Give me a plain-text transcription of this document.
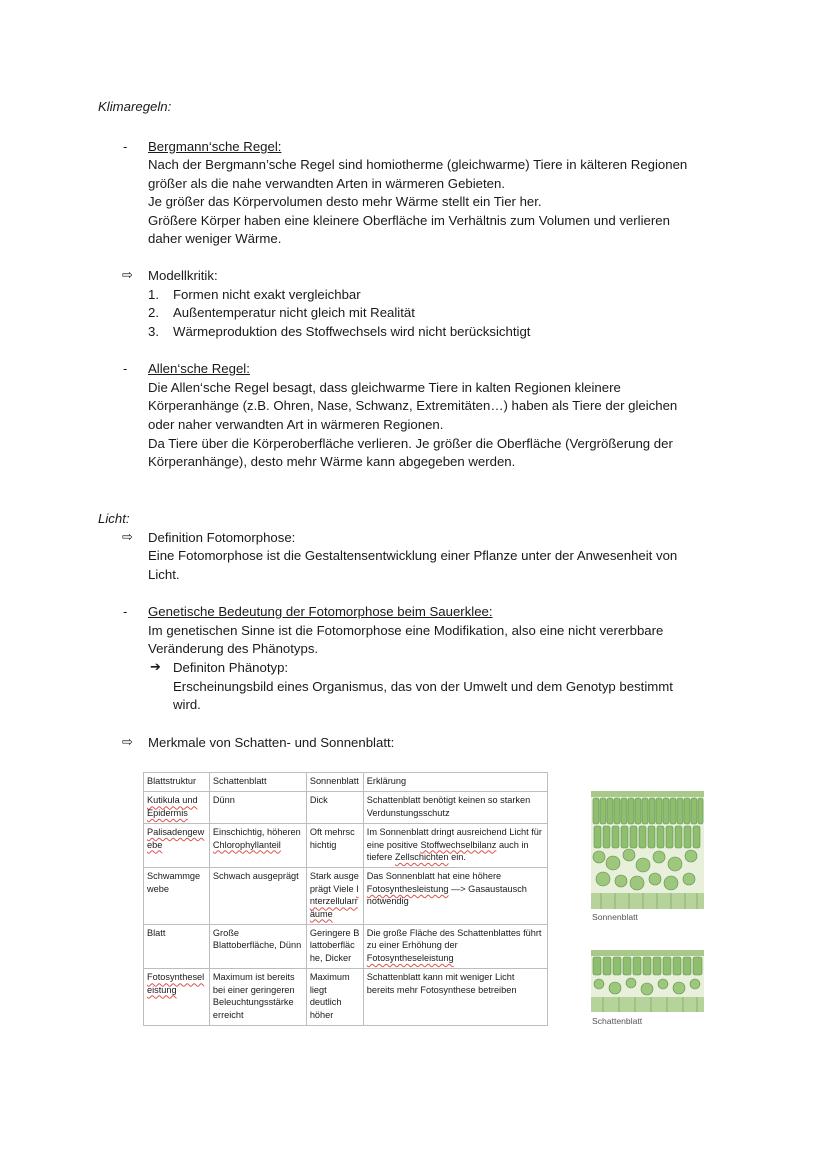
Klimaregeln:
- Bergmann‘sche Regel:
Nach der Bergmann’sche Regel sind homiotherme (gleichwarme) Tiere in kälteren Regionen
größer als die nahe verwandten Arten in wärmeren Gebieten.
Je größer das Körpervolumen desto mehr Wärme stellt ein Tier her.
Größere Körper haben eine kleinere Oberfläche im Verhältnis zum Volumen und verlieren
daher weniger Wärme.
⇨ Modellkritik:
1. Formen nicht exakt vergleichbar
2. Außentemperatur nicht gleich mit Realität
3. Wärmeproduktion des Stoffwechsels wird nicht berücksichtigt
- Allen‘sche Regel:
Die Allen‘sche Regel besagt, dass gleichwarme Tiere in kalten Regionen kleinere
Körperanhänge (z.B. Ohren, Nase, Schwanz, Extremitäten…) haben als Tiere der gleichen
oder naher verwandten Art in wärmeren Regionen.
Da Tiere über die Körperoberfläche verlieren. Je größer die Oberfläche (Vergrößerung der
Körperanhänge), desto mehr Wärme kann abgegeben werden.
Licht:
⇨ Definition Fotomorphose:
Eine Fotomorphose ist die Gestaltensentwicklung einer Pflanze unter der Anwesenheit von
Licht.
- Genetische Bedeutung der Fotomorphose beim Sauerklee:
Im genetischen Sinne ist die Fotomorphose eine Modifikation, also eine nicht vererbbare
Veränderung des Phänotyps.
➔ Definiton Phänotyp:
Erscheinungsbild eines Organismus, das von der Umwelt und dem Genotyp bestimmt
wird.
⇨ Merkmale von Schatten- und Sonnenblatt:
Blattstruktur	Schattenblatt	Sonnenblatt	Erklärung
Kutikula und Epidermis	Dünn	Dick	Schattenblatt benötigt keinen so starken Verdunstungsschutz
Palisadengewebe	Einschichtig, höheren Chlorophyllanteil	Oft mehrschichtig	Im Sonnenblatt dringt ausreichend Licht für eine positive Stoffwechselbilanz auch in tiefere Zellschichten ein.
Schwammgewebe	Schwach ausgeprägt	Stark ausgeprägt Viele Interzellularräume	Das Sonnenblatt hat eine höhere Fotosynthesleistung —> Gasaustausch notwendig
Blatt	Große Blattoberfläche, Dünn	Geringere Blattoberfläche, Dicker	Die große Fläche des Schattenblattes führt zu einer Erhöhung der Fotosyntheseleistung
Fotosyntheseleistung	Maximum ist bereits bei einer geringeren Beleuchtungsstärke erreicht	Maximum liegt deutlich höher	Schattenblatt kann mit weniger Licht bereits mehr Fotosynthese betreiben
Sonnenblatt
Schattenblatt
